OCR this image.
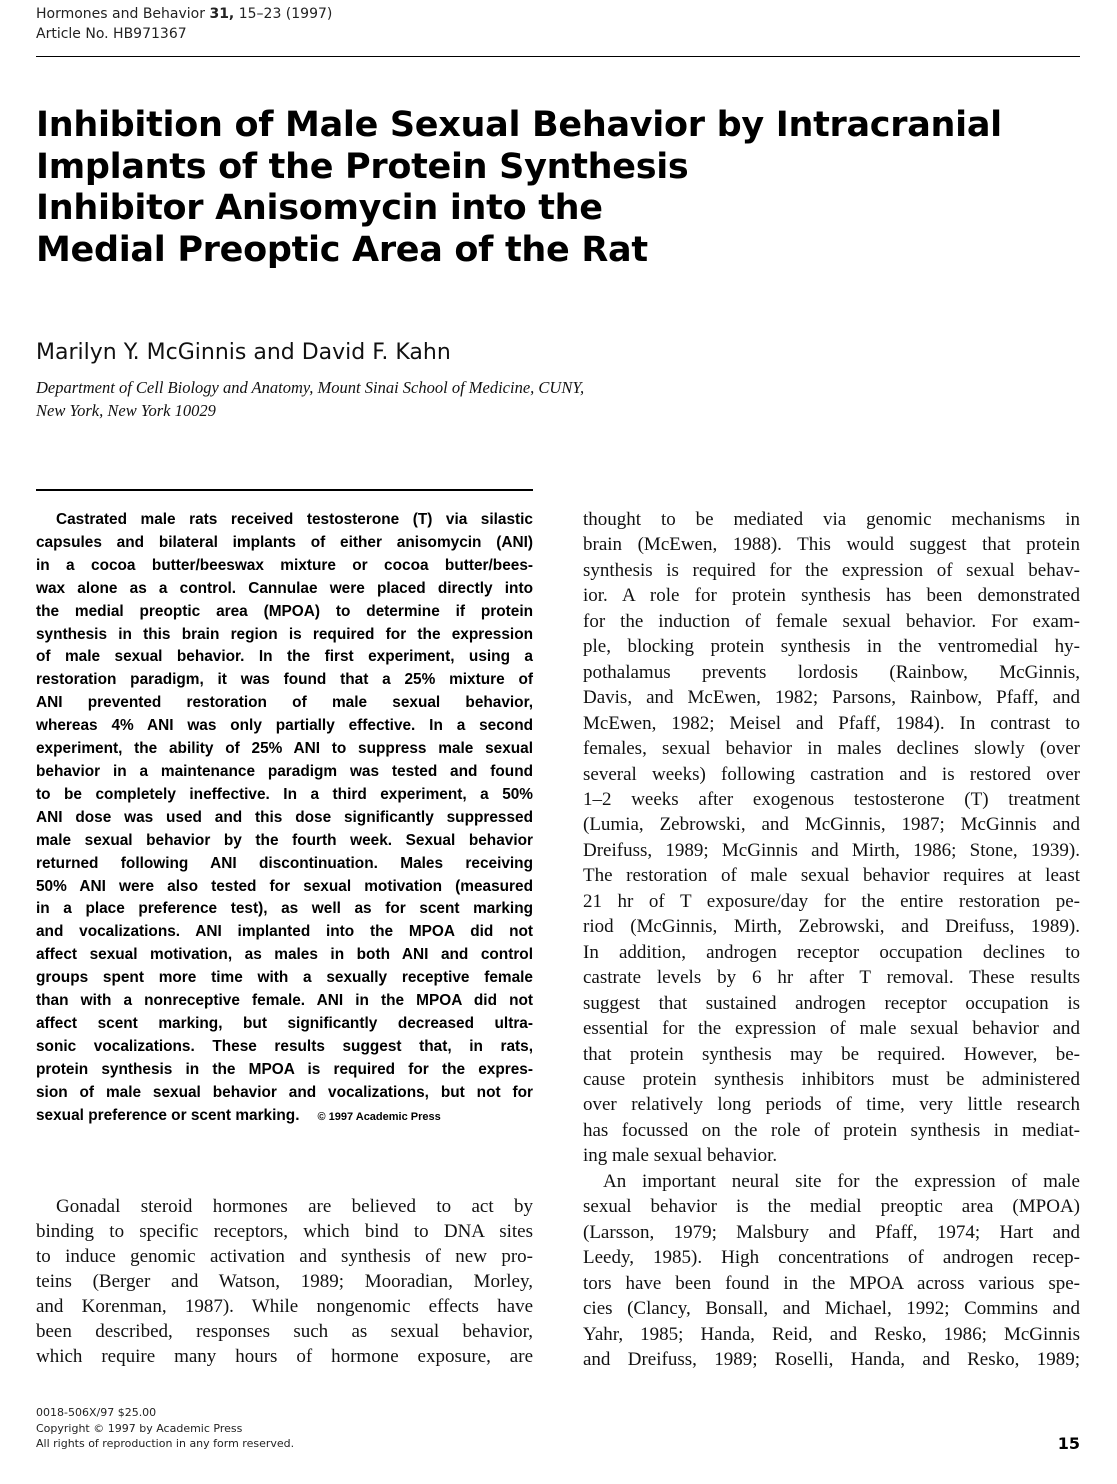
Hormones and Behavior 31, 15–23 (1997)
Article No. HB971367
Inhibition of Male Sexual Behavior by Intracranial
Implants of the Protein Synthesis
Inhibitor Anisomycin into the
Medial Preoptic Area of the Rat
Marilyn Y. McGinnis and David F. Kahn
Department of Cell Biology and Anatomy, Mount Sinai School of Medicine, CUNY,
New York, New York 10029
Castrated male rats received testosterone (T) via silastic
capsules and bilateral implants of either anisomycin (ANI)
in a cocoa butter/beeswax mixture or cocoa butter/bees-
wax alone as a control. Cannulae were placed directly into
the medial preoptic area (MPOA) to determine if protein
synthesis in this brain region is required for the expression
of male sexual behavior. In the first experiment, using a
restoration paradigm, it was found that a 25% mixture of
ANI prevented restoration of male sexual behavior,
whereas 4% ANI was only partially effective. In a second
experiment, the ability of 25% ANI to suppress male sexual
behavior in a maintenance paradigm was tested and found
to be completely ineffective. In a third experiment, a 50%
ANI dose was used and this dose significantly suppressed
male sexual behavior by the fourth week. Sexual behavior
returned following ANI discontinuation. Males receiving
50% ANI were also tested for sexual motivation (measured
in a place preference test), as well as for scent marking
and vocalizations. ANI implanted into the MPOA did not
affect sexual motivation, as males in both ANI and control
groups spent more time with a sexually receptive female
than with a nonreceptive female. ANI in the MPOA did not
affect scent marking, but significantly decreased ultra-
sonic vocalizations. These results suggest that, in rats,
protein synthesis in the MPOA is required for the expres-
sion of male sexual behavior and vocalizations, but not for
sexual preference or scent marking. © 1997 Academic Press
Gonadal steroid hormones are believed to act by
binding to specific receptors, which bind to DNA sites
to induce genomic activation and synthesis of new pro-
teins (Berger and Watson, 1989; Mooradian, Morley,
and Korenman, 1987). While nongenomic effects have
been described, responses such as sexual behavior,
which require many hours of hormone exposure, are
thought to be mediated via genomic mechanisms in
brain (McEwen, 1988). This would suggest that protein
synthesis is required for the expression of sexual behav-
ior. A role for protein synthesis has been demonstrated
for the induction of female sexual behavior. For exam-
ple, blocking protein synthesis in the ventromedial hy-
pothalamus prevents lordosis (Rainbow, McGinnis,
Davis, and McEwen, 1982; Parsons, Rainbow, Pfaff, and
McEwen, 1982; Meisel and Pfaff, 1984). In contrast to
females, sexual behavior in males declines slowly (over
several weeks) following castration and is restored over
1–2 weeks after exogenous testosterone (T) treatment
(Lumia, Zebrowski, and McGinnis, 1987; McGinnis and
Dreifuss, 1989; McGinnis and Mirth, 1986; Stone, 1939).
The restoration of male sexual behavior requires at least
21 hr of T exposure/day for the entire restoration pe-
riod (McGinnis, Mirth, Zebrowski, and Dreifuss, 1989).
In addition, androgen receptor occupation declines to
castrate levels by 6 hr after T removal. These results
suggest that sustained androgen receptor occupation is
essential for the expression of male sexual behavior and
that protein synthesis may be required. However, be-
cause protein synthesis inhibitors must be administered
over relatively long periods of time, very little research
has focussed on the role of protein synthesis in mediat-
ing male sexual behavior.
An important neural site for the expression of male
sexual behavior is the medial preoptic area (MPOA)
(Larsson, 1979; Malsbury and Pfaff, 1974; Hart and
Leedy, 1985). High concentrations of androgen recep-
tors have been found in the MPOA across various spe-
cies (Clancy, Bonsall, and Michael, 1992; Commins and
Yahr, 1985; Handa, Reid, and Resko, 1986; McGinnis
and Dreifuss, 1989; Roselli, Handa, and Resko, 1989;
0018-506X/97 $25.00
Copyright © 1997 by Academic Press
All rights of reproduction in any form reserved.	15
